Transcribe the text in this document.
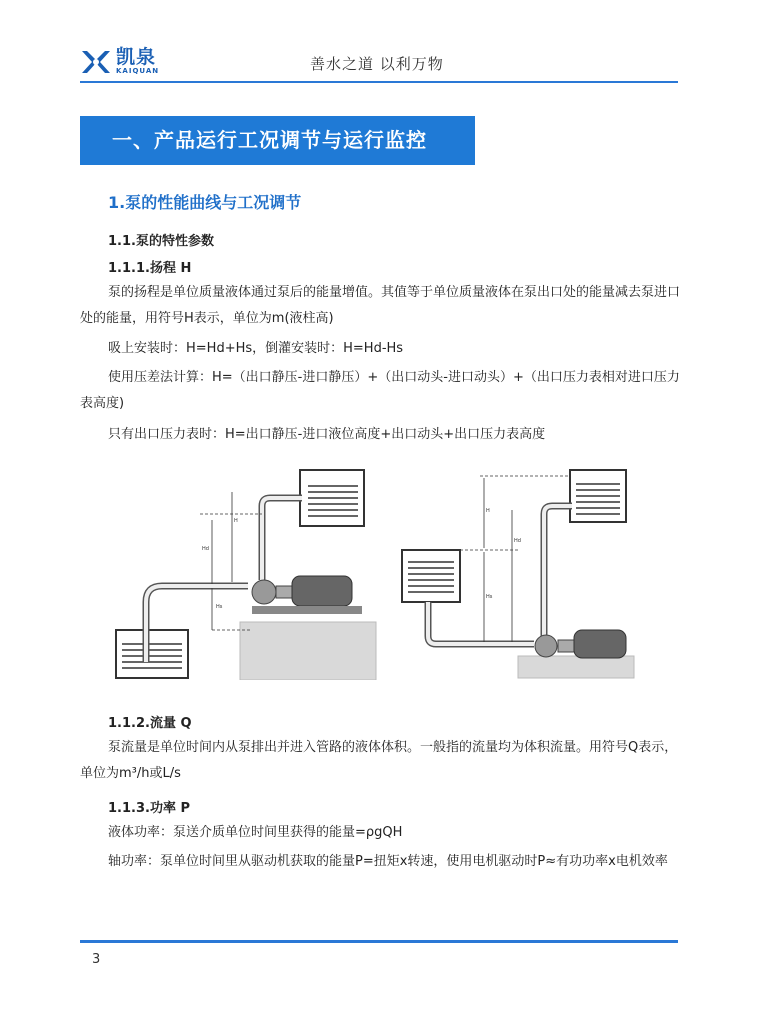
凯泉
KAIQUAN	善水之道 以利万物
一、产品运行工况调节与运行监控
1.泵的性能曲线与工况调节
1.1.泵的特性参数
1.1.1.扬程 H
泵的扬程是单位质量液体通过泵后的能量增值。其值等于单位质量液体在泵出口处的能量减去泵进口处的能量，用符号H表示，单位为m(液柱高)
吸上安装时：H=Hd+Hs，倒灌安装时：H=Hd-Hs
使用压差法计算：H=（出口静压-进口静压）+（出口动头-进口动头）+（出口压力表相对进口压力表高度)
只有出口压力表时：H=出口静压-进口液位高度+出口动头+出口压力表高度
Hs
Hd
H
H
Hs
Hd
1.1.2.流量 Q
泵流量是单位时间内从泵排出并进入管路的液体体积。一般指的流量均为体积流量。用符号Q表示，单位为m³/h或L/s
1.1.3.功率 P
液体功率：泵送介质单位时间里获得的能量=ρgQH
轴功率：泵单位时间里从驱动机获取的能量P=扭矩x转速，使用电机驱动时P≈有功功率x电机效率
3
